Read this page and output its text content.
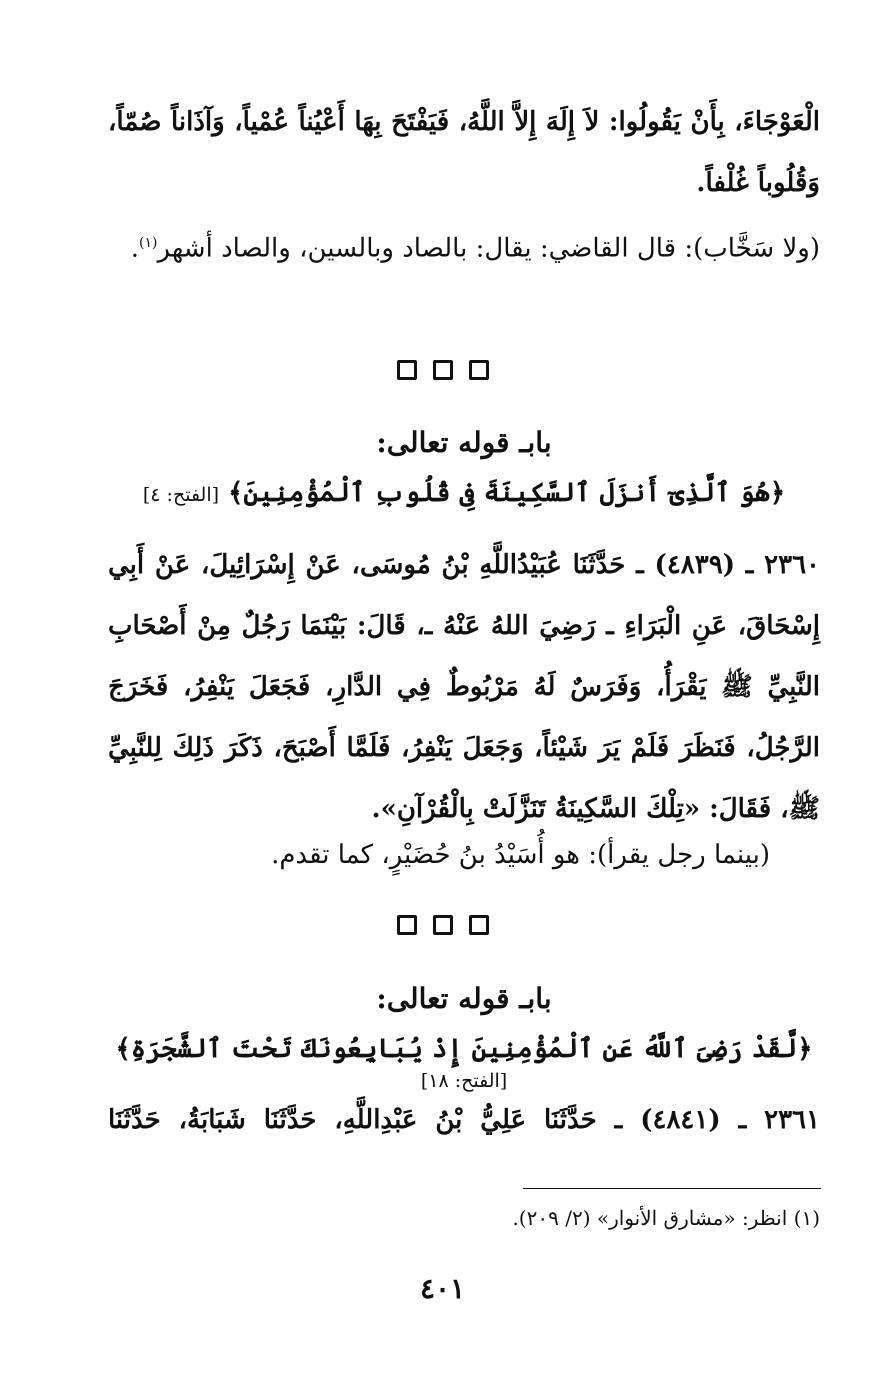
الْعَوْجَاءَ، بِأَنْ يَقُولُوا: لاَ إِلَهَ إِلاَّ اللَّهُ، فَيَفْتَحَ بِهَا أَعْيُناً عُمْياً، وَآذَاناً صُمّاً،

وَقُلُوباً غُلْفاً.

(ولا سَخَّاب): قال القاضي: يقال: بالصاد وبالسين، والصاد أشهر$^{(١)}$.

بابـ قوله تعالى:
﴿هُوَ ٱلَّذِىٓ أَنزَلَ ٱلسَّكِينَةَ فِى قُلُوبِ ٱلْمُؤْمِنِينَ﴾ [الفتح: ٤]

٢٣٦٠ ـ (٤٨٣٩) ـ حَدَّثَنَا عُبَيْدُاللَّهِ بْنُ مُوسَى، عَنْ إِسْرَائِيلَ، عَنْ أَبِي إِسْحَاقَ، عَنِ الْبَرَاءِ ـ رَضِيَ اللهُ عَنْهُ ـ، قَالَ: بَيْنَمَا رَجُلٌ مِنْ أَصْحَابِ النَّبِيِّ ﷺ يَقْرَأُ، وَفَرَسٌ لَهُ مَرْبُوطٌ فِي الدَّارِ، فَجَعَلَ يَنْفِرُ، فَخَرَجَ الرَّجُلُ، فَنَظَرَ فَلَمْ يَرَ شَيْئاً، وَجَعَلَ يَنْفِرُ، فَلَمَّا أَصْبَحَ، ذَكَرَ ذَلِكَ لِلنَّبِيِّ ﷺ، فَقَالَ: «تِلْكَ السَّكِينَةُ تَنَزَّلَتْ بِالْقُرْآنِ».

(بينما رجل يقرأ): هو أُسَيْدُ بنُ حُضَيْرٍ، كما تقدم.

بابـ قوله تعالى:
﴿لَّقَدْ رَضِىَ ٱللَّهُ عَنِ ٱلْمُؤْمِنِينَ إِذْ يُبَايِعُونَكَ تَحْتَ ٱلشَّجَرَةِ﴾ [الفتح: ١٨]

٢٣٦١ ـ (٤٨٤١) ـ حَدَّثَنَا عَلِيُّ بْنُ عَبْدِاللَّهِ، حَدَّثَنَا شَبَابَةُ، حَدَّثَنَا

(١) انظر: «مشارق الأنوار» (٢/ ٢٠٩).
٤٠١
